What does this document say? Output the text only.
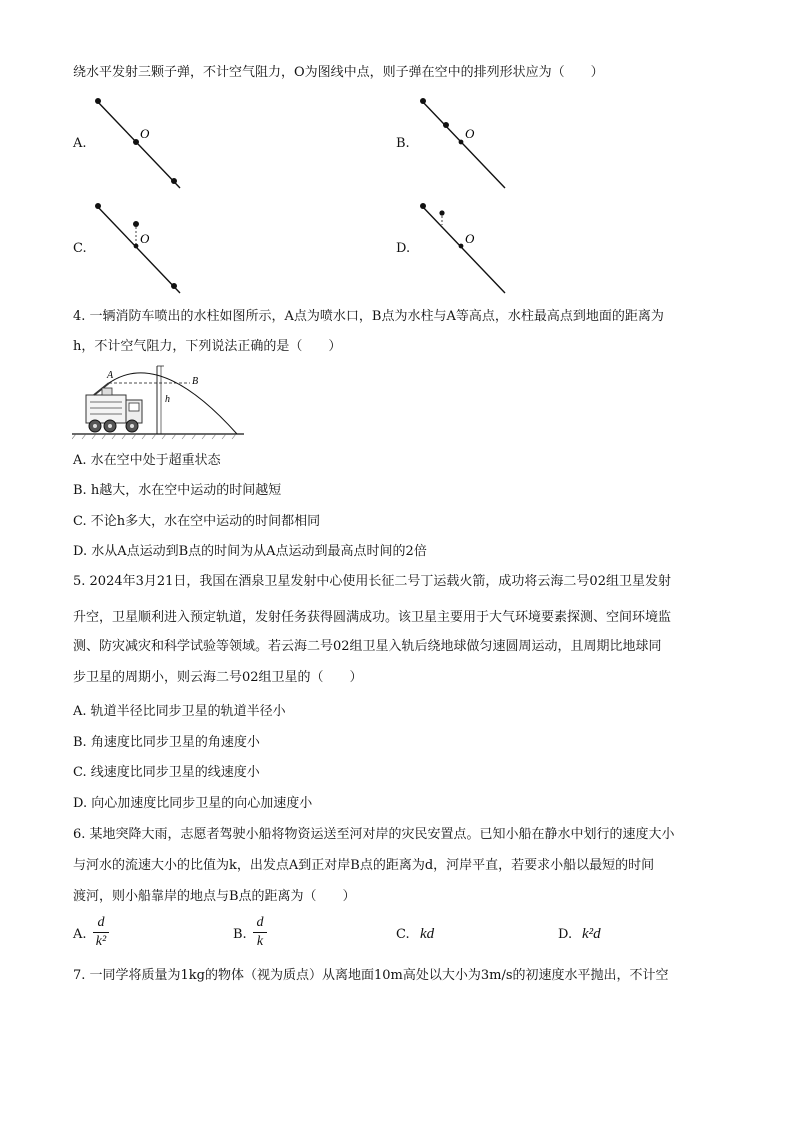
绕水平发射三颗子弹，不计空气阻力，O为图线中点，则子弹在空中的排列形状应为（　　）
A.	B.
C.	D.
O	O
O	O
4. 一辆消防车喷出的水柱如图所示，A点为喷水口，B点为水柱与A等高点，水柱最高点到地面的距离为
h，不计空气阻力，下列说法正确的是（　　）
h
A
B
A. 水在空中处于超重状态
B. h越大，水在空中运动的时间越短
C. 不论h多大，水在空中运动的时间都相同
D. 水从A点运动到B点的时间为从A点运动到最高点时间的2倍
5. 2024年3月21日，我国在酒泉卫星发射中心使用长征二号丁运载火箭，成功将云海二号02组卫星发射
升空，卫星顺利进入预定轨道，发射任务获得圆满成功。该卫星主要用于大气环境要素探测、空间环境监
测、防灾减灾和科学试验等领域。若云海二号02组卫星入轨后绕地球做匀速圆周运动，且周期比地球同
步卫星的周期小，则云海二号02组卫星的（　　）
A. 轨道半径比同步卫星的轨道半径小
B. 角速度比同步卫星的角速度小
C. 线速度比同步卫星的线速度小
D. 向心加速度比同步卫星的向心加速度小
6. 某地突降大雨，志愿者驾驶小船将物资运送至河对岸的灾民安置点。已知小船在静水中划行的速度大小
与河水的流速大小的比值为k，出发点A到正对岸B点的距离为d，河岸平直，若要求小船以最短的时间
渡河，则小船靠岸的地点与B点的距离为（　　）
A.
d
k²	B.
d
k	C. kd	D. k²d
7. 一同学将质量为1kg的物体（视为质点）从离地面10m高处以大小为3m/s的初速度水平抛出，不计空
